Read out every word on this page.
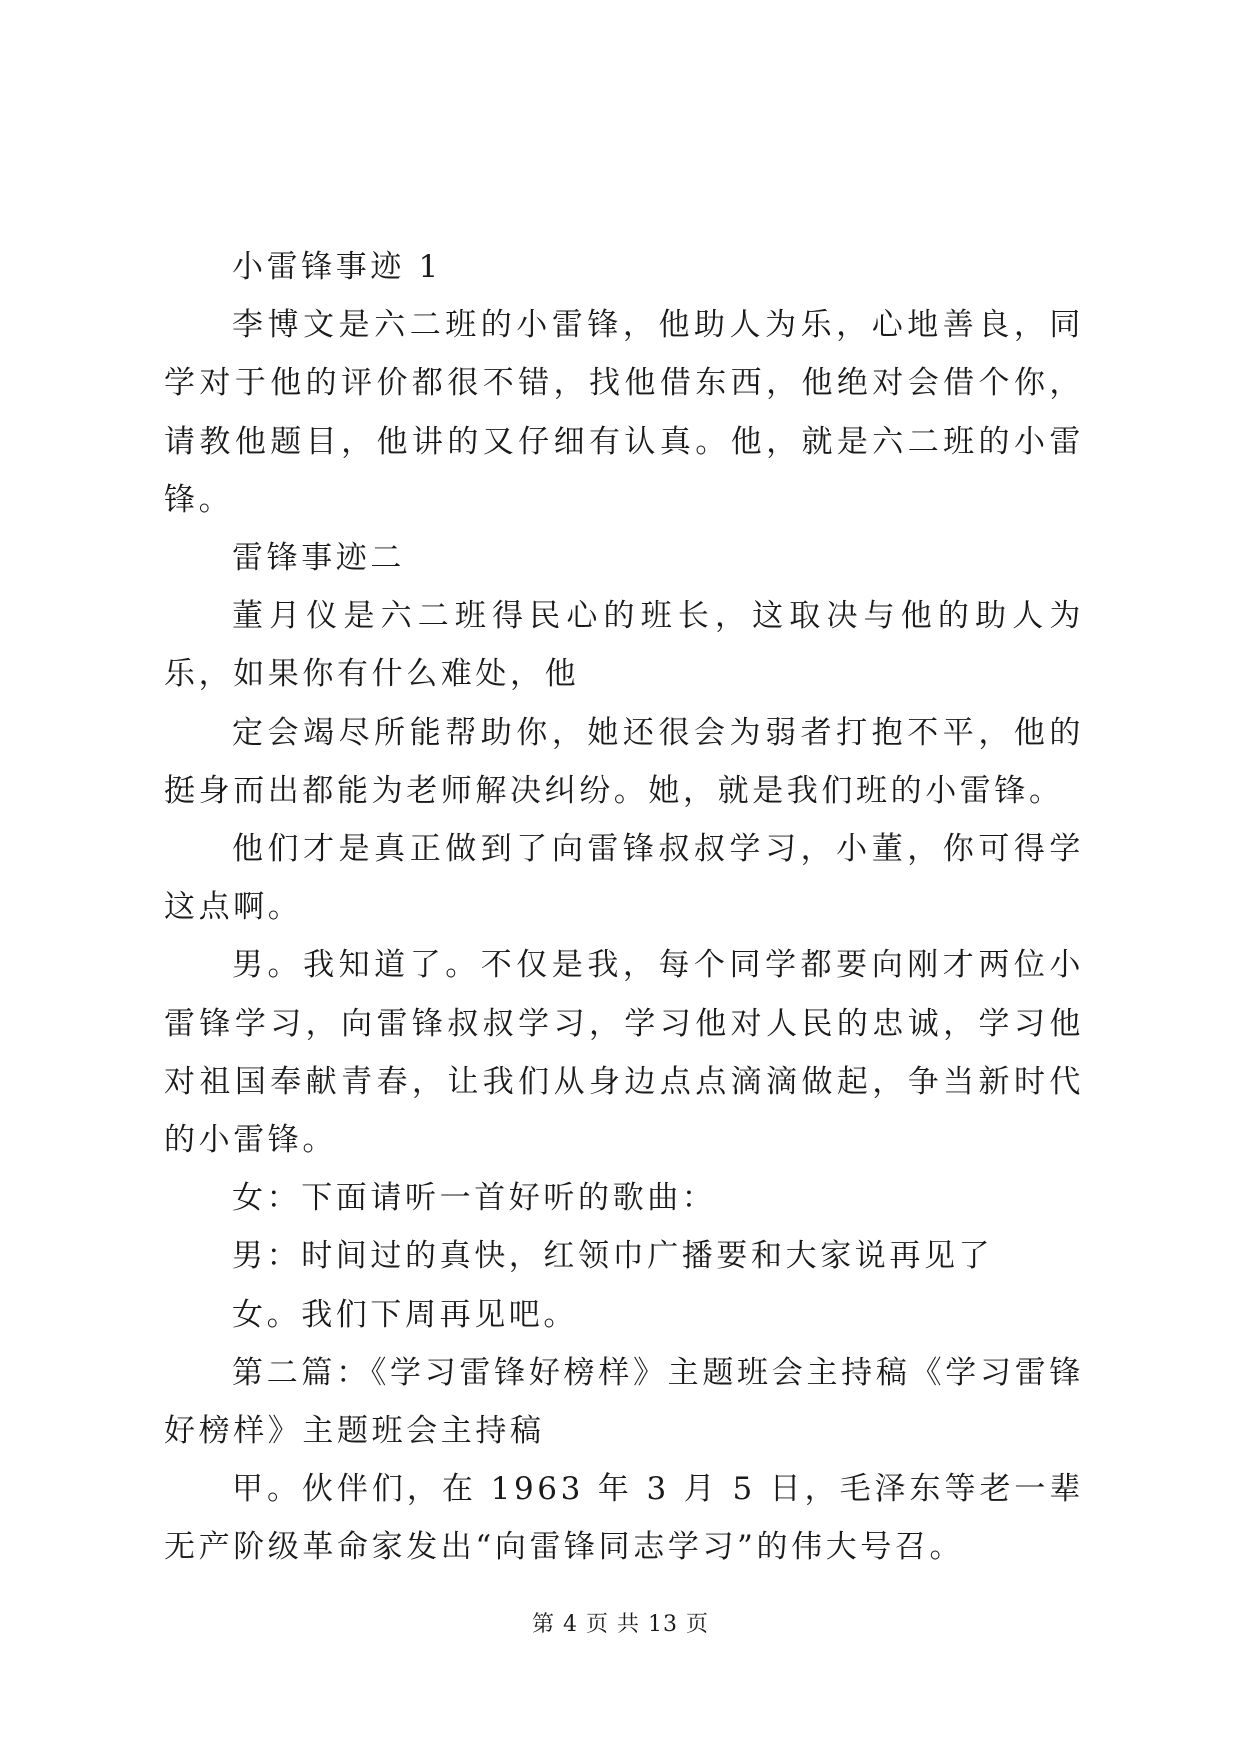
小雷锋事迹 1

李博文是六二班的小雷锋，他助人为乐，心地善良，同学对于他的评价都很不错，找他借东西，他绝对会借个你，请教他题目，他讲的又仔细有认真。他，就是六二班的小雷锋。

雷锋事迹二

董月仪是六二班得民心的班长，这取决与他的助人为乐，如果你有什么难处，他

定会竭尽所能帮助你，她还很会为弱者打抱不平，他的挺身而出都能为老师解决纠纷。她，就是我们班的小雷锋。

他们才是真正做到了向雷锋叔叔学习，小董，你可得学这点啊。

男。我知道了。不仅是我，每个同学都要向刚才两位小雷锋学习，向雷锋叔叔学习，学习他对人民的忠诚，学习他对祖国奉献青春，让我们从身边点点滴滴做起，争当新时代的小雷锋。

女：下面请听一首好听的歌曲：

男：时间过的真快，红领巾广播要和大家说再见了

女。我们下周再见吧。

第二篇：《学习雷锋好榜样》主题班会主持稿《学习雷锋好榜样》主题班会主持稿

甲。伙伴们，在 1963 年 3 月 5 日，毛泽东等老一辈无产阶级革命家发出“向雷锋同志学习”的伟大号召。

第 4 页 共 13 页
